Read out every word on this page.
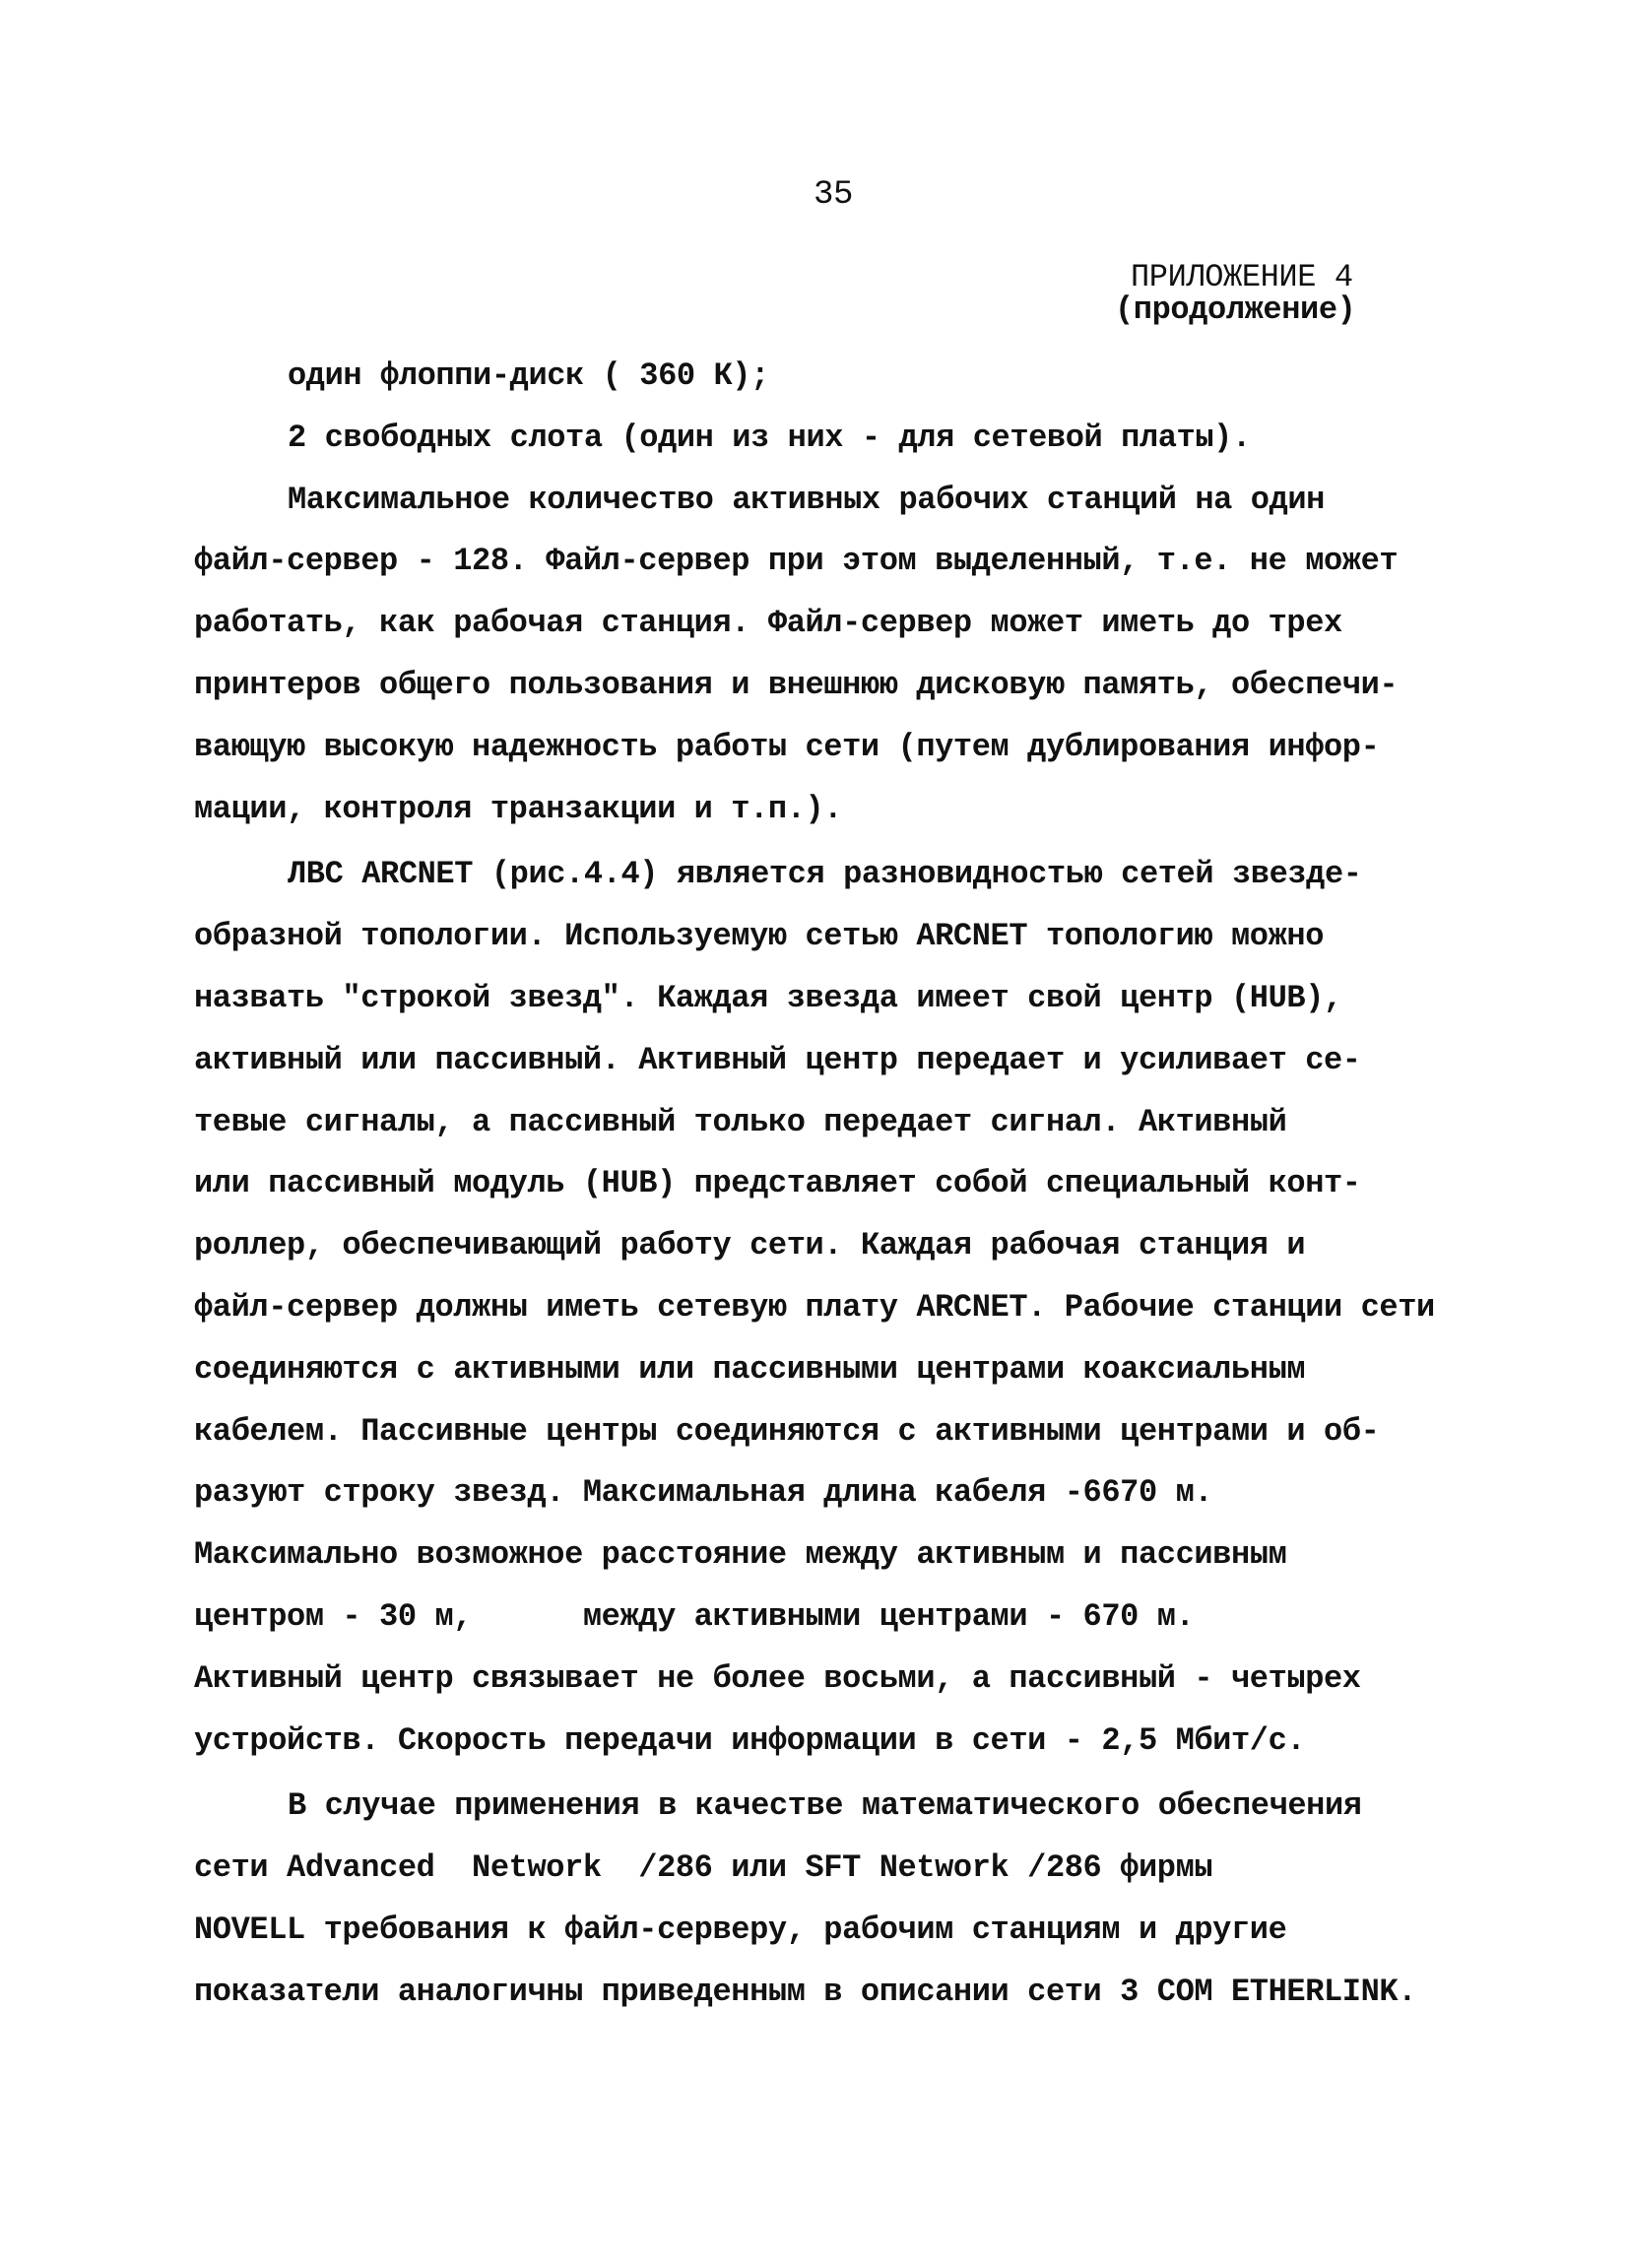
35
ПРИЛОЖЕНИЕ 4
(продолжение)
один флоппи-диск ( 360 К);
2 свободных слота (один из них - для сетевой платы).
Максимальное количество активных рабочих станций на один
файл-сервер - 128. Файл-сервер при этом выделенный, т.е. не может
работать, как рабочая станция. Файл-сервер может иметь до трех
принтеров общего пользования и внешнюю дисковую память, обеспечи-
вающую высокую надежность работы сети (путем дублирования инфор-
мации, контроля транзакции и т.п.).
ЛВС ARCNET (рис.4.4) является разновидностью сетей звезде-
образной топологии. Используемую сетью ARCNET топологию можно
назвать "строкой звезд". Каждая звезда имеет свой центр (HUB),
активный или пассивный. Активный центр передает и усиливает се-
тевые сигналы, а пассивный только передает сигнал. Активный
или пассивный модуль (HUB) представляет собой специальный конт-
роллер, обеспечивающий работу сети. Каждая рабочая станция и
файл-сервер должны иметь сетевую плату ARCNET. Рабочие станции сети
соединяются с активными или пассивными центрами коаксиальным
кабелем. Пассивные центры соединяются с активными центрами и об-
разуют строку звезд. Максимальная длина кабеля -6670 м.
Максимально возможное расстояние между активным и пассивным
центром - 30 м,      между активными центрами - 670 м.
Активный центр связывает не более восьми, а пассивный - четырех
устройств. Скорость передачи информации в сети - 2,5 Мбит/с.
В случае применения в качестве математического обеспечения
сети Advanced  Network  /286 или SFT Network /286 фирмы
NOVELL требования к файл-серверу, рабочим станциям и другие
показатели аналогичны приведенным в описании сети 3 COM ETHERLINK.
